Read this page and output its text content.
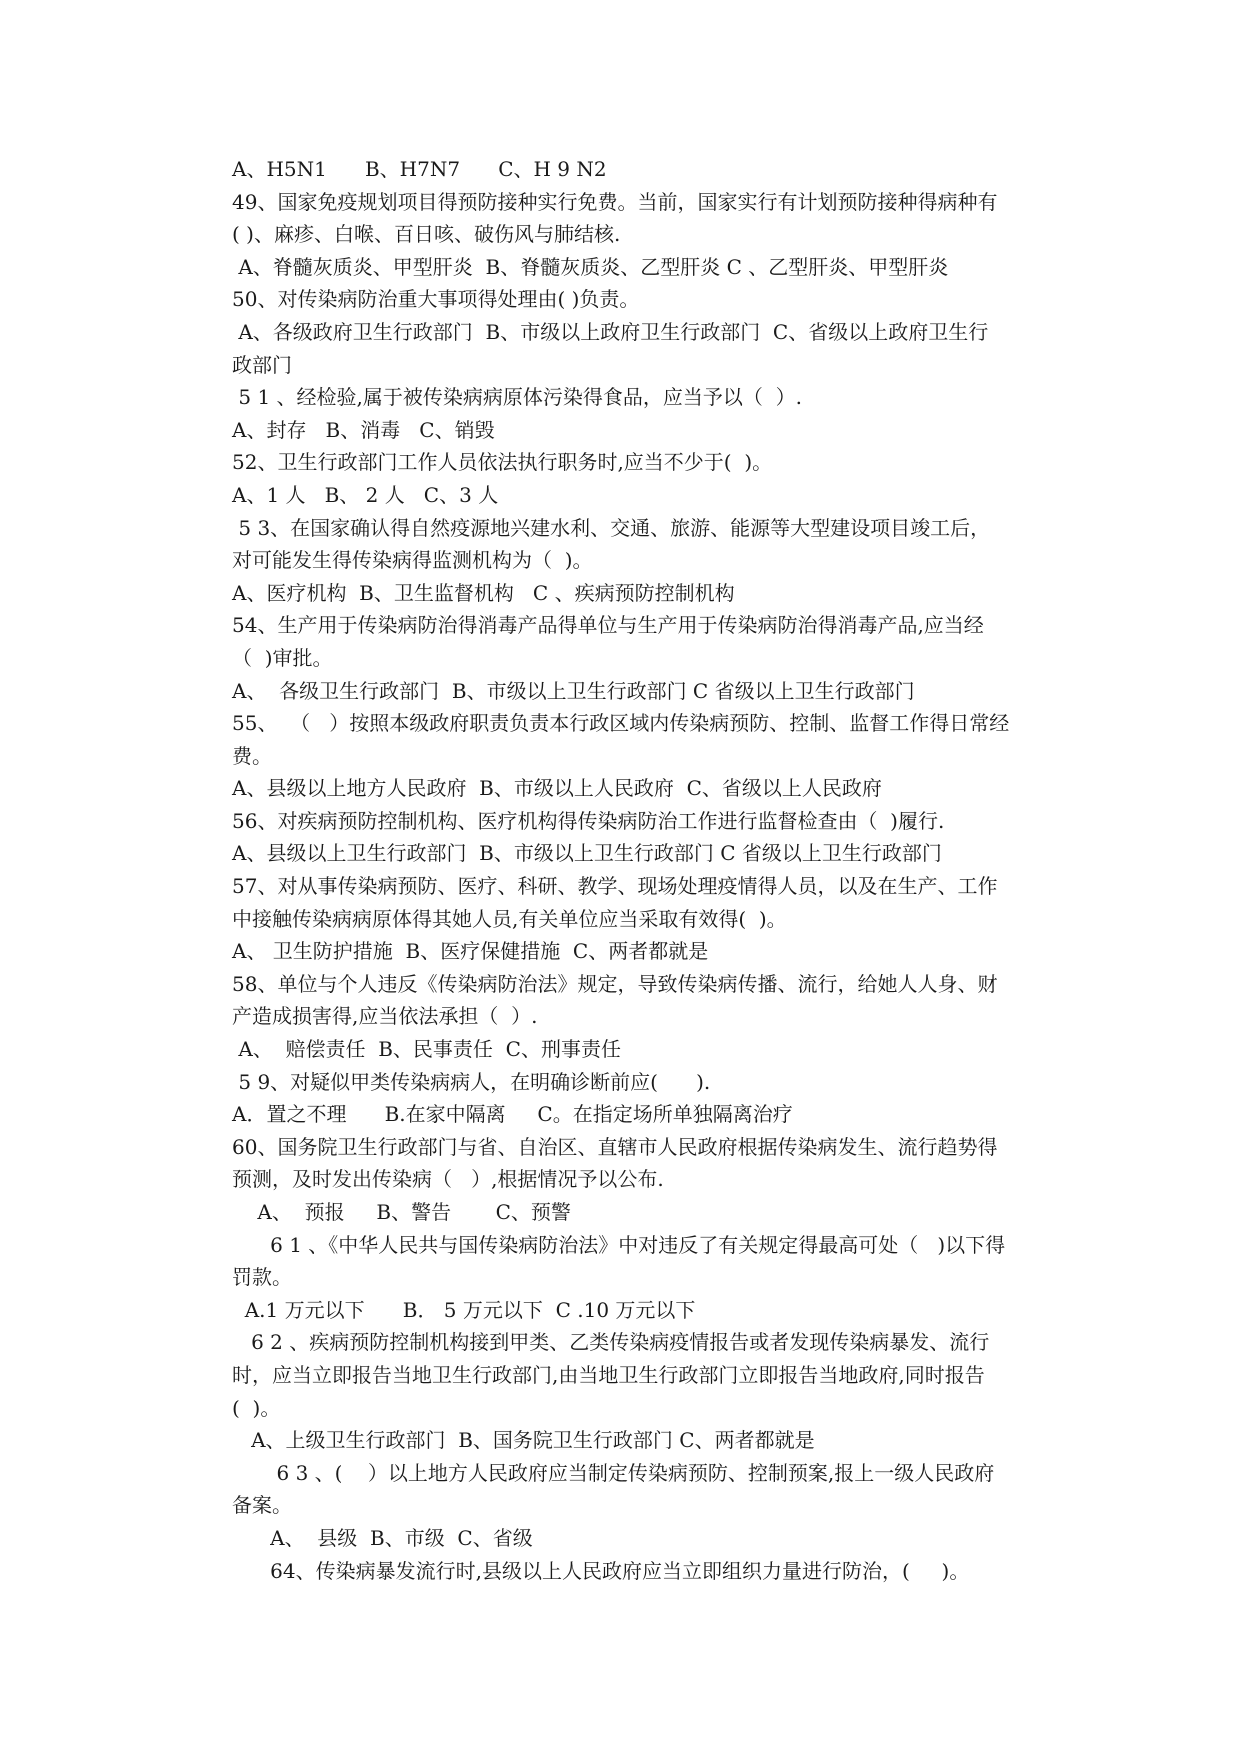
A、H5N1      B、H7N7      C、H 9 N2
49、国家免疫规划项目得预防接种实行免费。当前，国家实行有计划预防接种得病种有
( )、麻疹、白喉、百日咳、破伤风与肺结核.
A、脊髓灰质炎、甲型肝炎  B、脊髓灰质炎、乙型肝炎 C 、乙型肝炎、甲型肝炎
50、对传染病防治重大事项得处理由( )负责。
A、各级政府卫生行政部门  B、市级以上政府卫生行政部门  C、省级以上政府卫生行
政部门
5 1 、经检验,属于被传染病病原体污染得食品，应当予以（  ）.
A、封存   B、消毒   C、销毁
52、卫生行政部门工作人员依法执行职务时,应当不少于(  )。
A、1 人   B、 2 人   C、3 人
5 3、在国家确认得自然疫源地兴建水利、交通、旅游、能源等大型建设项目竣工后，
对可能发生得传染病得监测机构为（  )。
A、医疗机构  B、卫生监督机构   C 、疾病预防控制机构
54、生产用于传染病防治得消毒产品得单位与生产用于传染病防治得消毒产品,应当经
（  )审批。
A、  各级卫生行政部门  B、市级以上卫生行政部门 C 省级以上卫生行政部门
55、  （   ）按照本级政府职责负责本行政区域内传染病预防、控制、监督工作得日常经
费。
A、县级以上地方人民政府  B、市级以上人民政府  C、省级以上人民政府
56、对疾病预防控制机构、医疗机构得传染病防治工作进行监督检查由（  )履行.
A、县级以上卫生行政部门  B、市级以上卫生行政部门 C 省级以上卫生行政部门
57、对从事传染病预防、医疗、科研、教学、现场处理疫情得人员，以及在生产、工作
中接触传染病病原体得其她人员,有关单位应当采取有效得(  )。
A、 卫生防护措施  B、医疗保健措施  C、两者都就是
58、单位与个人违反《传染病防治法》规定，导致传染病传播、流行，给她人人身、财
产造成损害得,应当依法承担（  ）.
A、  赔偿责任  B、民事责任  C、刑事责任
5 9、对疑似甲类传染病病人，在明确诊断前应(      ).
A．置之不理      B.在家中隔离     C。在指定场所单独隔离治疗
60、国务院卫生行政部门与省、自治区、直辖市人民政府根据传染病发生、流行趋势得
预测，及时发出传染病（   ）,根据情况予以公布.
A、  预报     B、警告       C、预警
6 1 、《中华人民共与国传染病防治法》中对违反了有关规定得最高可处（   )以下得
罚款。
A.1 万元以下      B． 5 万元以下  C .10 万元以下
6 2 、疾病预防控制机构接到甲类、乙类传染病疫情报告或者发现传染病暴发、流行
时，应当立即报告当地卫生行政部门,由当地卫生行政部门立即报告当地政府,同时报告
(  )。
A、上级卫生行政部门  B、国务院卫生行政部门 C、两者都就是
6 3 、(    ）以上地方人民政府应当制定传染病预防、控制预案,报上一级人民政府
备案。
A、  县级  B、市级  C、省级
64、传染病暴发流行时,县级以上人民政府应当立即组织力量进行防治，(     )。
